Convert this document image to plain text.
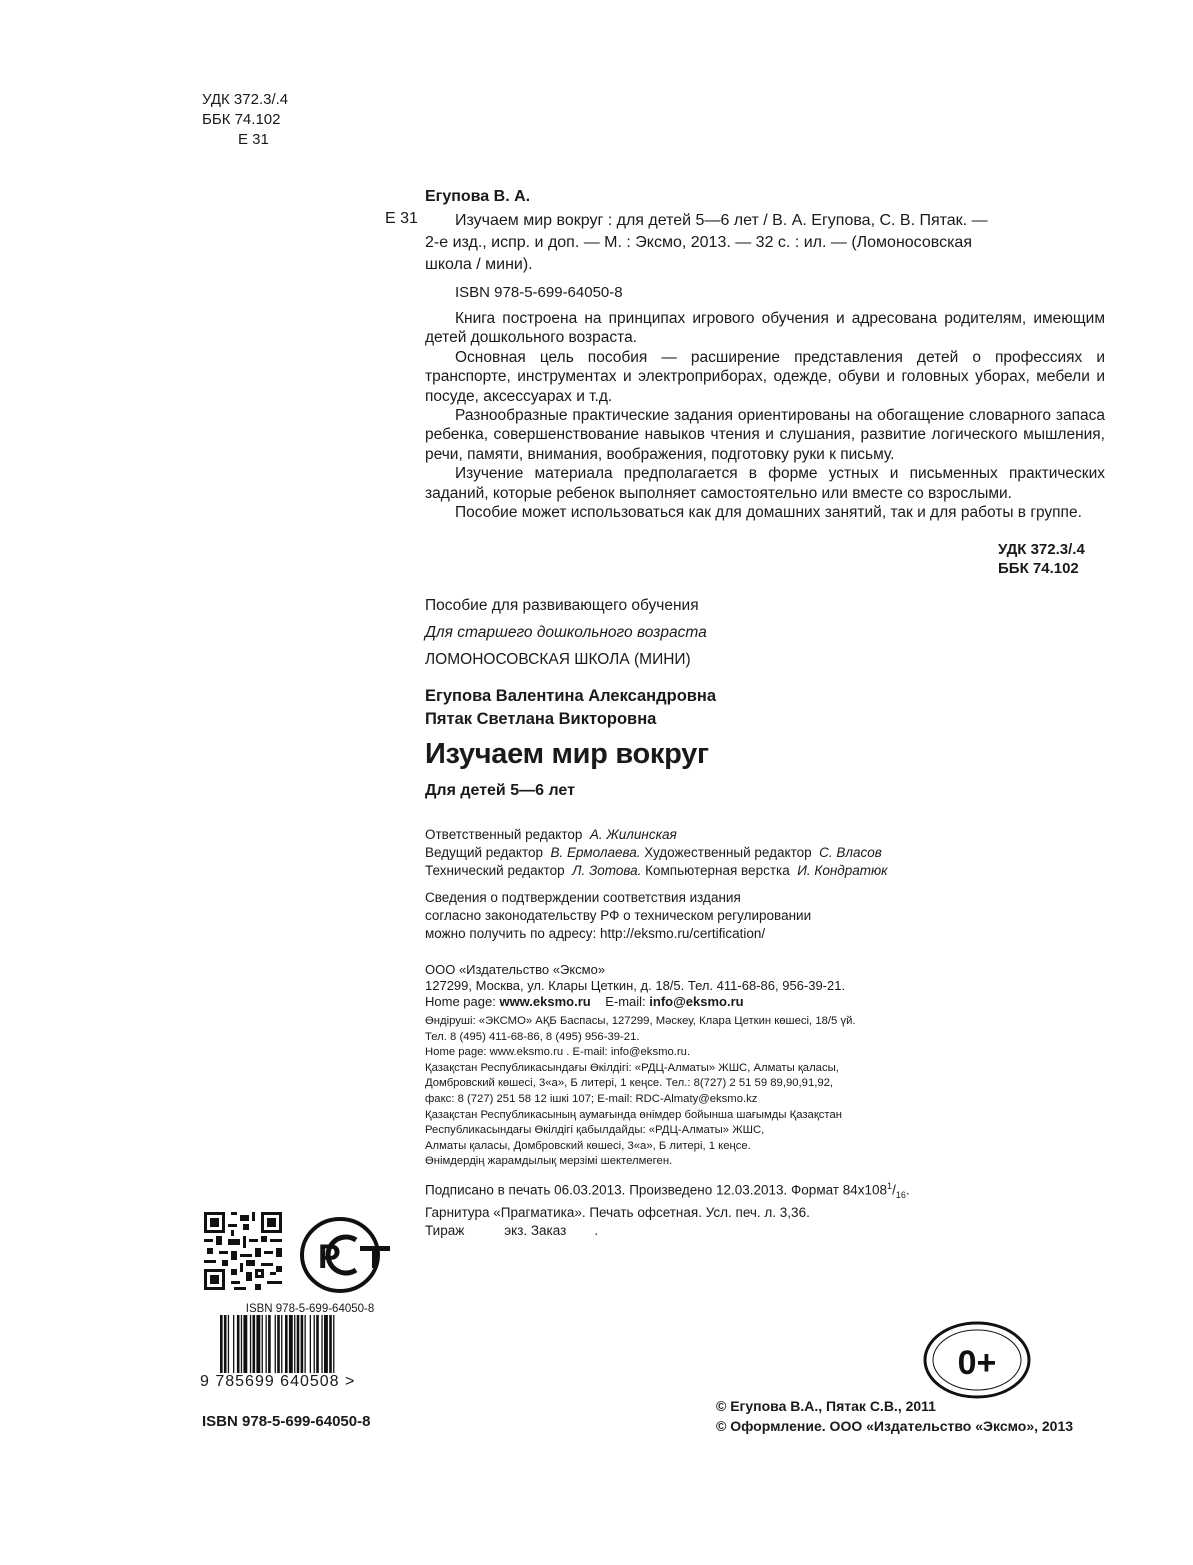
УДК 372.3/.4
ББК 74.102
Е 31
Егупова В. А.
Е 31	Изучаем мир вокруг : для детей 5—6 лет / В. А. Егупова, С. В. Пятак. —
2-е изд., испр. и доп. — М. : Эксмо, 2013. — 32 с. : ил. — (Ломоносовская
школа / мини).
ISBN 978-5-699-64050-8

Книга построена на принципах игрового обучения и адресована родителям, имеющим детей дошкольного возраста.

Основная цель пособия — расширение представления детей о профессиях и транспорте, инструментах и электроприборах, одежде, обуви и головных уборах, мебели и посуде, аксессуарах и т.д.

Разнообразные практические задания ориентированы на обогащение словарного запаса ребенка, совершенствование навыков чтения и слушания, развитие логического мышления, речи, памяти, внимания, воображения, подготовку руки к письму.

Изучение материала предполагается в форме устных и письменных практических заданий, которые ребенок выполняет самостоятельно или вместе со взрослыми.

Пособие может использоваться как для домашних занятий, так и для работы в группе.

УДК 372.3/.4
ББК 74.102
Пособие для развивающего обучения
Для старшего дошкольного возраста
ЛОМОНОСОВСКАЯ ШКОЛА (МИНИ)
Егупова Валентина Александровна
Пятак Светлана Викторовна
Изучаем мир вокруг
Для детей 5—6 лет
Ответственный редактор А. Жилинская
Ведущий редактор В. Ермолаева. Художественный редактор С. Власов
Технический редактор Л. Зотова. Компьютерная верстка И. Кондратюк
Сведения о подтверждении соответствия издания
согласно законодательству РФ о техническом регулировании
можно получить по адресу: http://eksmo.ru/certification/
ООО «Издательство «Эксмо»
127299, Москва, ул. Клары Цеткин, д. 18/5. Тел. 411-68-86, 956-39-21.
Home page: www.eksmo.ru E-mail: info@eksmo.ru
Өндіруші: «ЭКСМО» АҚБ Баспасы, 127299, Мәскеу, Клара Цеткин көшесі, 18/5 үй.
Тел. 8 (495) 411-68-86, 8 (495) 956-39-21.
Home page: www.eksmo.ru . E-mail: info@eksmo.ru.
Қазақстан Республикасындағы Өкілдігі: «РДЦ-Алматы» ЖШС, Алматы қаласы,
Домбровский көшесі, 3«а», Б литері, 1 кеңсе. Тел.: 8(727) 2 51 59 89,90,91,92,
факс: 8 (727) 251 58 12 ішкі 107; E-mail: RDC-Almaty@eksmo.kz
Қазақстан Республикасының аумағында өнімдер бойынша шағымды Қазақстан
Республикасындағы Өкілдігі қабылдайды: «РДЦ-Алматы» ЖШС,
Алматы қаласы, Домбровский көшесі, 3«а», Б литері, 1 кеңсе.
Өнімдердің жарамдылық мерзімі шектелмеген.
Подписано в печать 06.03.2013. Произведено 12.03.2013. Формат $84х108^1/_{16}$.
Гарнитура «Прагматика». Печать офсетная. Усл. печ. л. 3,36.
Тираж	экз. Заказ .
Р
ISBN 978-5-699-64050-8
9 785699 640508 >
ISBN 978-5-699-64050-8
0+
© Егупова В.А., Пятак С.В., 2011
© Оформление. ООО «Издательство «Эксмо», 2013
